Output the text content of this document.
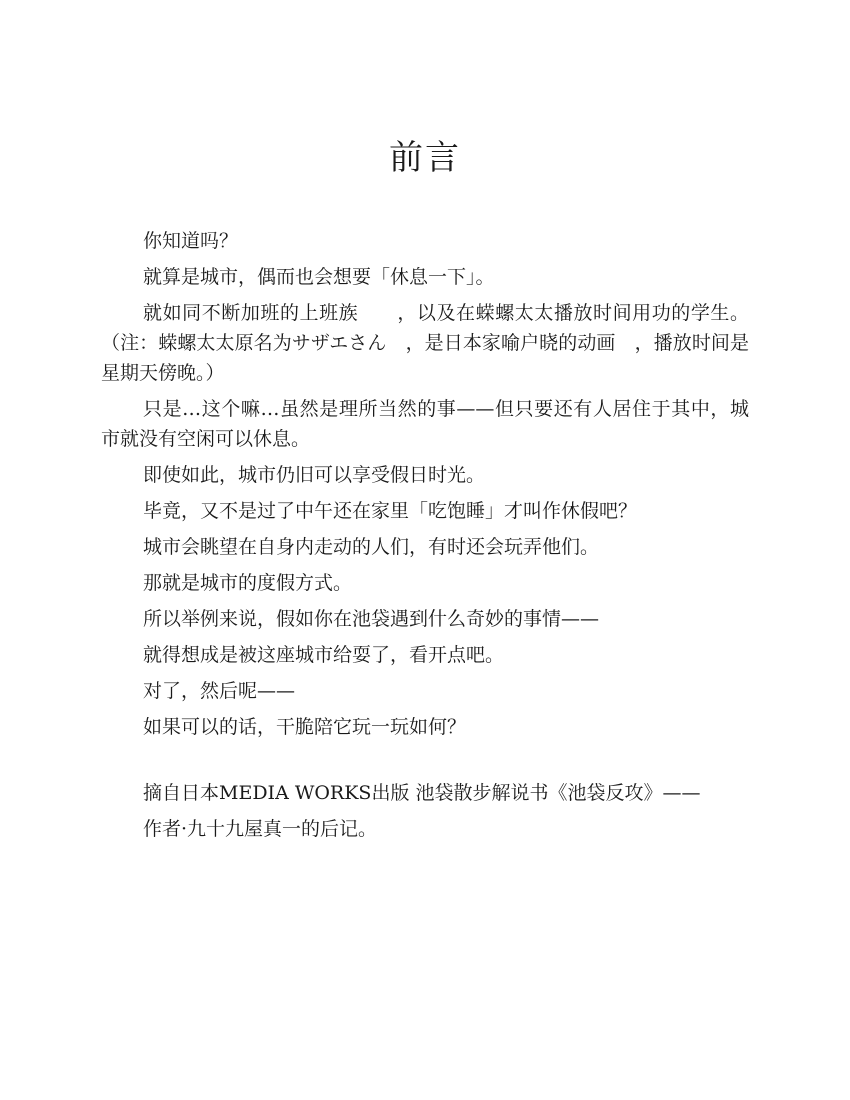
前言

你知道吗？

就算是城市，偶而也会想要「休息一下」。

就如同不断加班的上班族　　，以及在蝾螺太太播放时间用功的学生。（注：蝾螺太太原名为サザエさん　，是日本家喻户晓的动画　，播放时间是星期天傍晚。）

只是…这个嘛…虽然是理所当然的事——但只要还有人居住于其中，城市就没有空闲可以休息。

即使如此，城市仍旧可以享受假日时光。

毕竟，又不是过了中午还在家里「吃饱睡」才叫作休假吧？

城市会眺望在自身内走动的人们，有时还会玩弄他们。

那就是城市的度假方式。

所以举例来说，假如你在池袋遇到什么奇妙的事情——

就得想成是被这座城市给耍了，看开点吧。

对了，然后呢——

如果可以的话，干脆陪它玩一玩如何？

摘自日本MEDIA WORKS出版 池袋散步解说书《池袋反攻》——

作者·九十九屋真一的后记。
